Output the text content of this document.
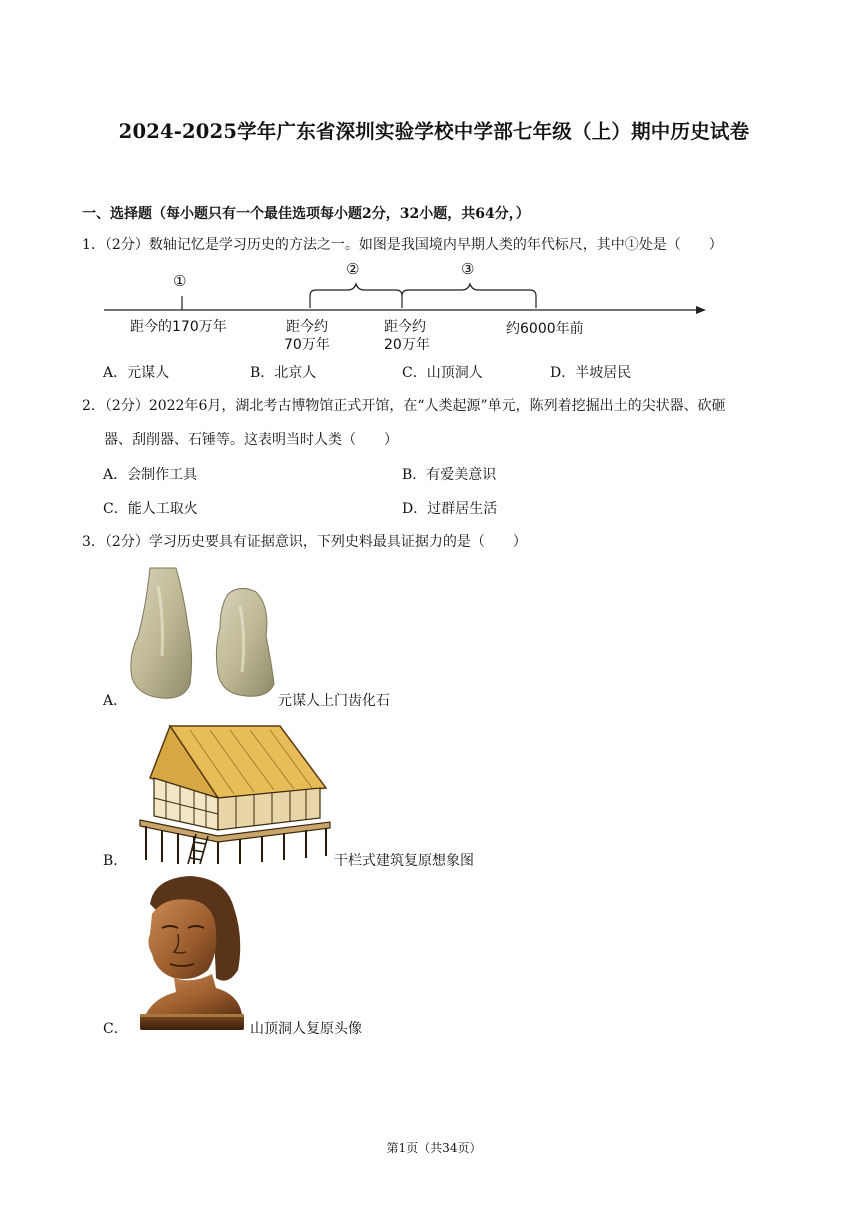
2024-2025学年广东省深圳实验学校中学部七年级（上）期中历史试卷
一、选择题（每小题只有一个最佳选项每小题2分，32小题，共64分，）
1．（2分）数轴记忆是学习历史的方法之一。如图是我国境内早期人类的年代标尺，其中①处是（　　）
①
②	③
距今的170万年	距今约
70万年
距今约
20万年
约6000年前
A．元谋人	B．北京人	C．山顶洞人	D．半坡居民
2．（2分）2022年6月，湖北考古博物馆正式开馆，在“人类起源”单元，陈列着挖掘出土的尖状器、砍砸
器、刮削器、石锤等。这表明当时人类（　　）
A．会制作工具	B．有爱美意识
C．能人工取火	D．过群居生活
3．（2分）学习历史要具有证据意识，下列史料最具证据力的是（　　）
A．	元谋人上门齿化石
B．	干栏式建筑复原想象图
C．	山顶洞人复原头像
第1页（共34页）
